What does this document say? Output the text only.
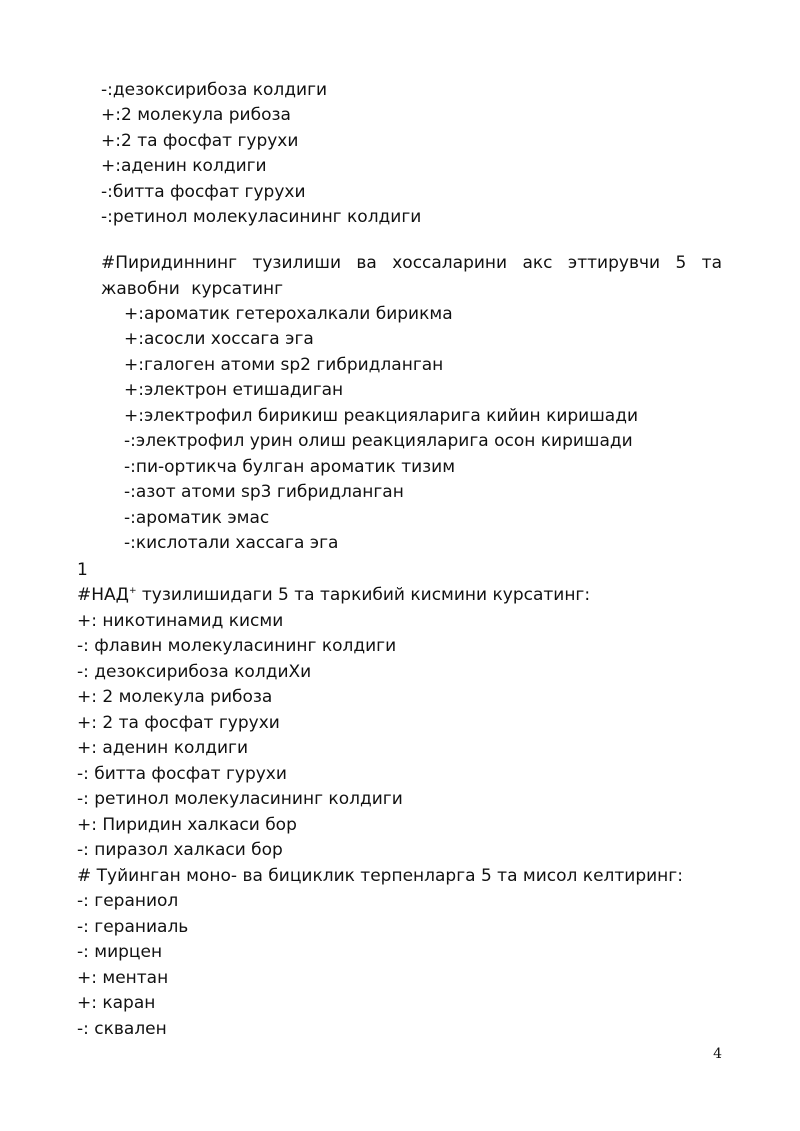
-:дезоксирибоза колдиги
+:2 молекула рибоза
+:2 та фосфат гурухи
+:аденин колдиги
-:битта фосфат гурухи
-:ретинол молекуласининг колдиги
#Пиридиннинг тузилиши ва хоссаларини акс эттирувчи 5 та жавобни курсатинг
+:ароматик гетерохалкали бирикма
+:асосли хоссага эга
+:галоген атоми sp2 гибридланган
+:электрон етишадиган
+:электрофил бирикиш реакцияларига кийин киришади
-:электрофил урин олиш реакцияларига осон киришади
-:пи-ортикча булган ароматик тизим
-:азот атоми sp3 гибридланган
-:ароматик эмас
-:кислотали хассага эга
1
#НАД+ тузилишидаги 5 та таркибий кисмини курсатинг:
+: никотинамид кисми
-: флавин молекуласининг колдиги
-: дезоксирибоза колдиХи
+: 2 молекула рибоза
+: 2 та фосфат гурухи
+: аденин колдиги
-: битта фосфат гурухи
-: ретинол молекуласининг колдиги
+: Пиридин халкаси бор
-: пиразол халкаси бор
# Туйинган моно- ва бициклик терпенларга 5 та мисол келтиринг:
-: гераниол
-: гераниаль
-: мирцен
+: ментан
+: каран
-: сквален
4
